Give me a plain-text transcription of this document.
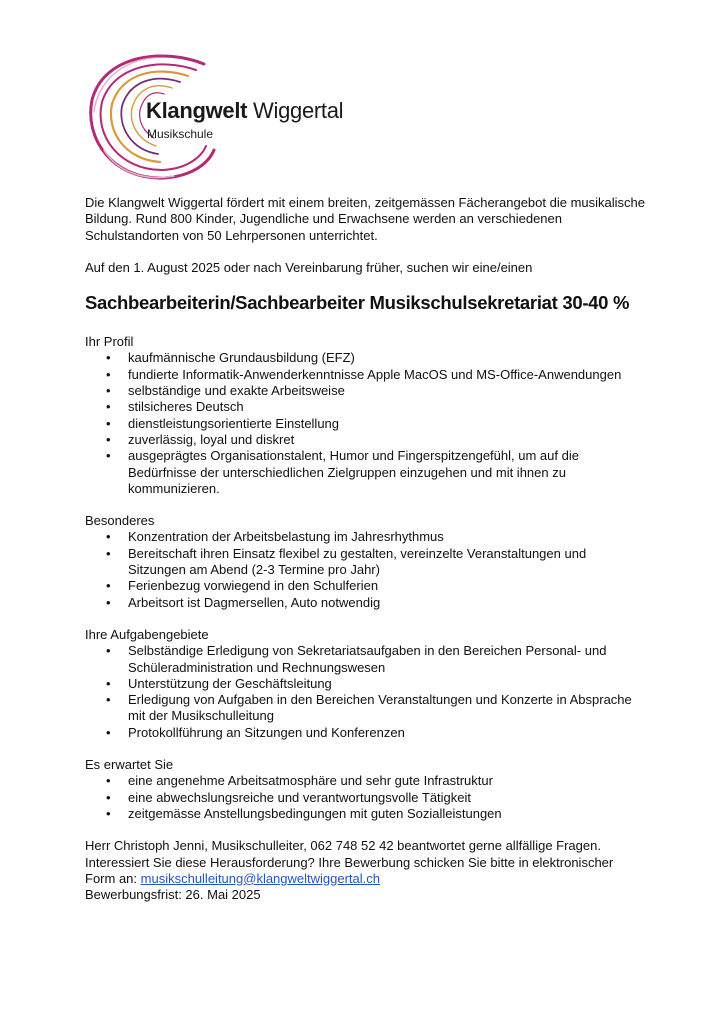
Klangwelt Wiggertal
Musikschule

Die Klangwelt Wiggertal fördert mit einem breiten, zeitgemässen Fächerangebot die musikalische Bildung. Rund 800 Kinder, Jugendliche und Erwachsene werden an verschiedenen Schulstandorten von 50 Lehrpersonen unterrichtet.

Auf den 1. August 2025 oder nach Vereinbarung früher, suchen wir eine/einen

Sachbearbeiterin/Sachbearbeiter Musikschulsekretariat 30-40 %
Ihr Profil
• kaufmännische Grundausbildung (EFZ)
• fundierte Informatik-Anwenderkenntnisse Apple MacOS und MS-Office-Anwendungen
• selbständige und exakte Arbeitsweise
• stilsicheres Deutsch
• dienstleistungsorientierte Einstellung
• zuverlässig, loyal und diskret
• ausgeprägtes Organisationstalent, Humor und Fingerspitzengefühl, um auf die Bedürfnisse der unterschiedlichen Zielgruppen einzugehen und mit ihnen zu kommunizieren.
Besonderes
• Konzentration der Arbeitsbelastung im Jahresrhythmus
• Bereitschaft ihren Einsatz flexibel zu gestalten, vereinzelte Veranstaltungen und Sitzungen am Abend (2-3 Termine pro Jahr)
• Ferienbezug vorwiegend in den Schulferien
• Arbeitsort ist Dagmersellen, Auto notwendig
Ihre Aufgabengebiete
• Selbständige Erledigung von Sekretariatsaufgaben in den Bereichen Personal- und Schüleradministration und Rechnungswesen
• Unterstützung der Geschäftsleitung
• Erledigung von Aufgaben in den Bereichen Veranstaltungen und Konzerte in Absprache mit der Musikschulleitung
• Protokollführung an Sitzungen und Konferenzen
Es erwartet Sie
• eine angenehme Arbeitsatmosphäre und sehr gute Infrastruktur
• eine abwechslungsreiche und verantwortungsvolle Tätigkeit
• zeitgemässe Anstellungsbedingungen mit guten Sozialleistungen

Herr Christoph Jenni, Musikschulleiter, 062 748 52 42 beantwortet gerne allfällige Fragen.

Interessiert Sie diese Herausforderung? Ihre Bewerbung schicken Sie bitte in elektronischer Form an: musikschulleitung@klangweltwiggertal.ch

Bewerbungsfrist: 26. Mai 2025
